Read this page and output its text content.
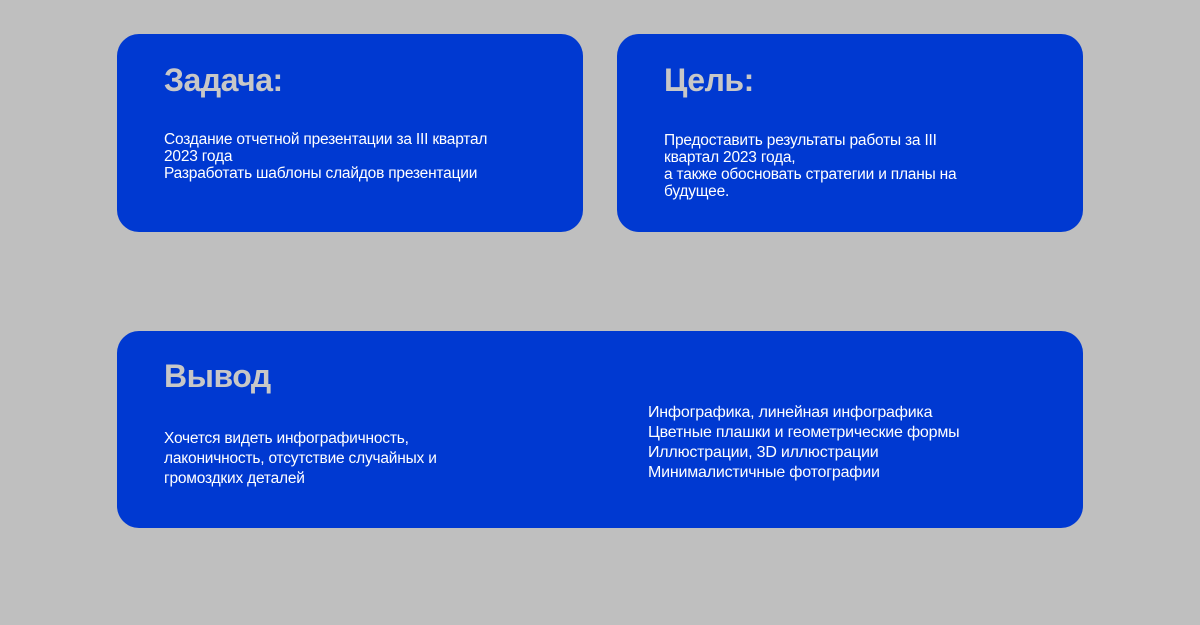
Задача:
Создание отчетной презентации за III квартал
2023 года
Разработать шаблоны слайдов презентации
Цель:
Предоставить результаты работы за III
квартал 2023 года,
а также обосновать стратегии и планы на
будущее.
Вывод
Хочется видеть инфографичность,
лаконичность, отсутствие случайных и
громоздких деталей
Инфографика, линейная инфографика
Цветные плашки и геометрические формы
Иллюстрации, 3D иллюстрации
Минималистичные фотографии
